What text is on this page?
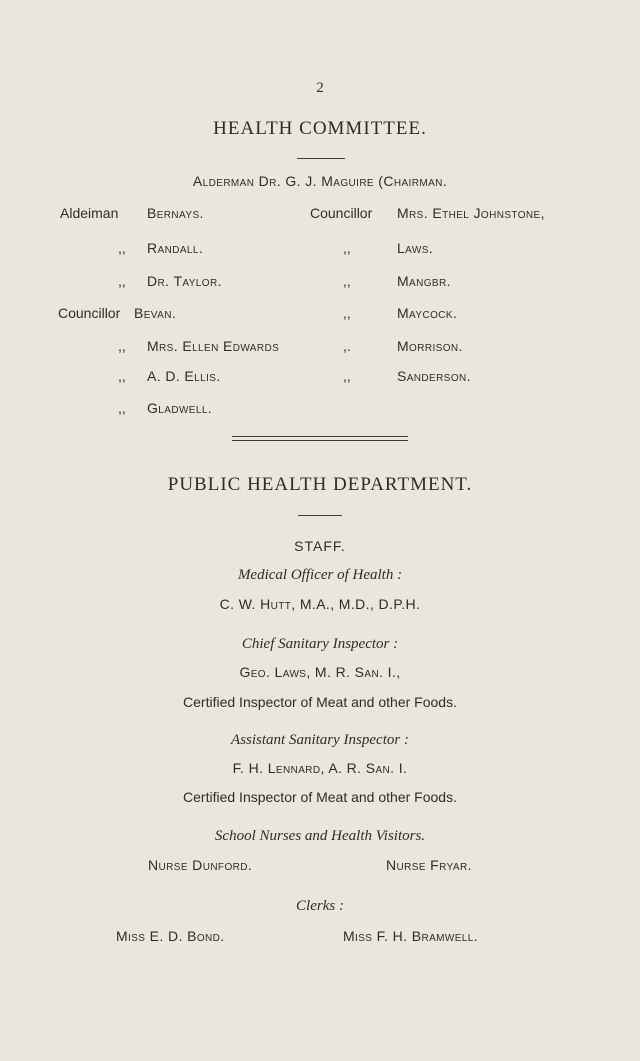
2
HEALTH COMMITTEE.
Alderman Dr. G. J. Maguire (Chairman.
Aldeiman Bernays.	Councillor Mrs. Ethel Johnstone,
,, Randall.	,,	Laws.
,, Dr. Taylor.	,,	Mangbr.
Councillor Bevan.	,,	Maycock.
,, Mrs. Ellen Edwards	,.	Morrison.
,, A. D. Ellis.	,,	Sanderson.
,, Gladwell.
PUBLIC HEALTH DEPARTMENT.
STAFF.
Medical Officer of Health :
C. W. Hutt, M.A., M.D., D.P.H.
Chief Sanitary Inspector :
Geo. Laws, M. R. San. I.,
Certified Inspector of Meat and other Foods.
Assistant Sanitary Inspector :
F. H. Lennard, A. R. San. I.
Certified Inspector of Meat and other Foods.
School Nurses and Health Visitors.
Nurse Dunford.	Nurse Fryar.
Clerks :
Miss E. D. Bond.	Miss F. H. Bramwell.
